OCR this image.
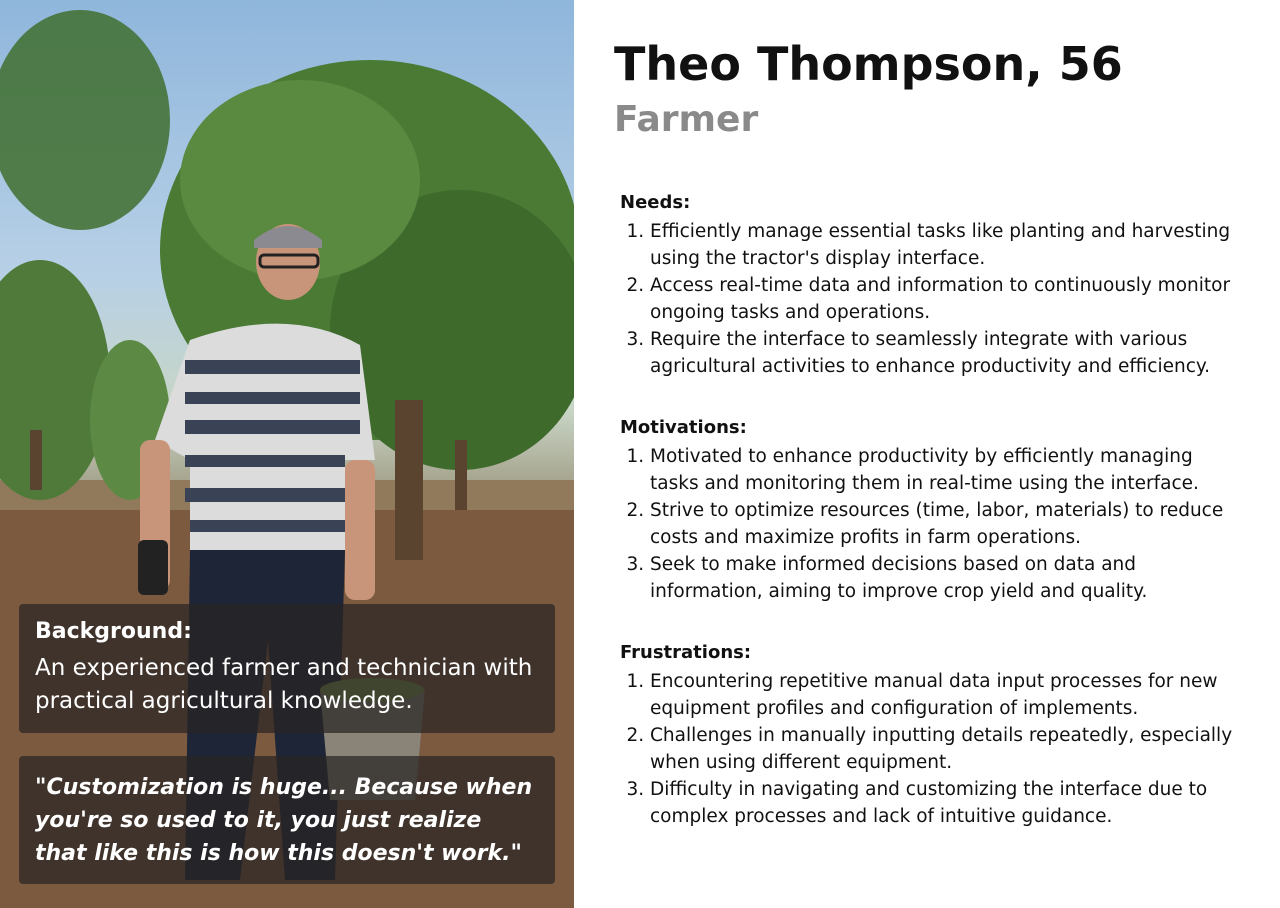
Background:

An experienced farmer and technician with practical agricultural knowledge.

"Customization is huge... Because when you're so used to it, you just realize that like this is how this doesn't work."

Theo Thompson, 56

Farmer

Needs:
1. Efficiently manage essential tasks like planting and harvesting using the tractor's display interface.
2. Access real-time data and information to continuously monitor ongoing tasks and operations.
3. Require the interface to seamlessly integrate with various agricultural activities to enhance productivity and efficiency.
Motivations:
1. Motivated to enhance productivity by efficiently managing tasks and monitoring them in real-time using the interface.
2. Strive to optimize resources (time, labor, materials) to reduce costs and maximize profits in farm operations.
3. Seek to make informed decisions based on data and information, aiming to improve crop yield and quality.
Frustrations:
1. Encountering repetitive manual data input processes for new equipment profiles and configuration of implements.
2. Challenges in manually inputting details repeatedly, especially when using different equipment.
3. Difficulty in navigating and customizing the interface due to complex processes and lack of intuitive guidance.
